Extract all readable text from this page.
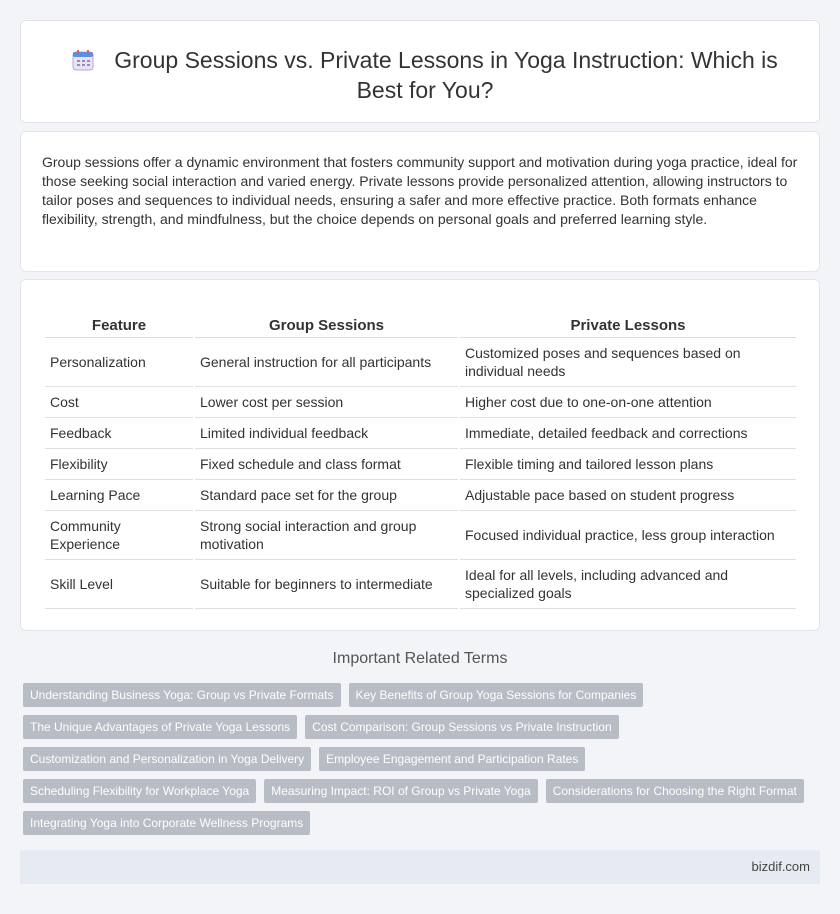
Group Sessions vs. Private Lessons in Yoga Instruction: Which is Best for You?
Group sessions offer a dynamic environment that fosters community support and motivation during yoga practice, ideal for those seeking social interaction and varied energy. Private lessons provide personalized attention, allowing instructors to tailor poses and sequences to individual needs, ensuring a safer and more effective practice. Both formats enhance flexibility, strength, and mindfulness, but the choice depends on personal goals and preferred learning style.
Feature	Group Sessions	Private Lessons
Personalization	General instruction for all participants	Customized poses and sequences based on individual needs
Cost	Lower cost per session	Higher cost due to one-on-one attention
Feedback	Limited individual feedback	Immediate, detailed feedback and corrections
Flexibility	Fixed schedule and class format	Flexible timing and tailored lesson plans
Learning Pace	Standard pace set for the group	Adjustable pace based on student progress
Community Experience	Strong social interaction and group motivation	Focused individual practice, less group interaction
Skill Level	Suitable for beginners to intermediate	Ideal for all levels, including advanced and specialized goals
Important Related Terms
Understanding Business Yoga: Group vs Private Formats	Key Benefits of Group Yoga Sessions for Companies
The Unique Advantages of Private Yoga Lessons	Cost Comparison: Group Sessions vs Private Instruction
Customization and Personalization in Yoga Delivery	Employee Engagement and Participation Rates
Scheduling Flexibility for Workplace Yoga	Measuring Impact: ROI of Group vs Private Yoga	Considerations for Choosing the Right Format
Integrating Yoga into Corporate Wellness Programs
bizdif.com
